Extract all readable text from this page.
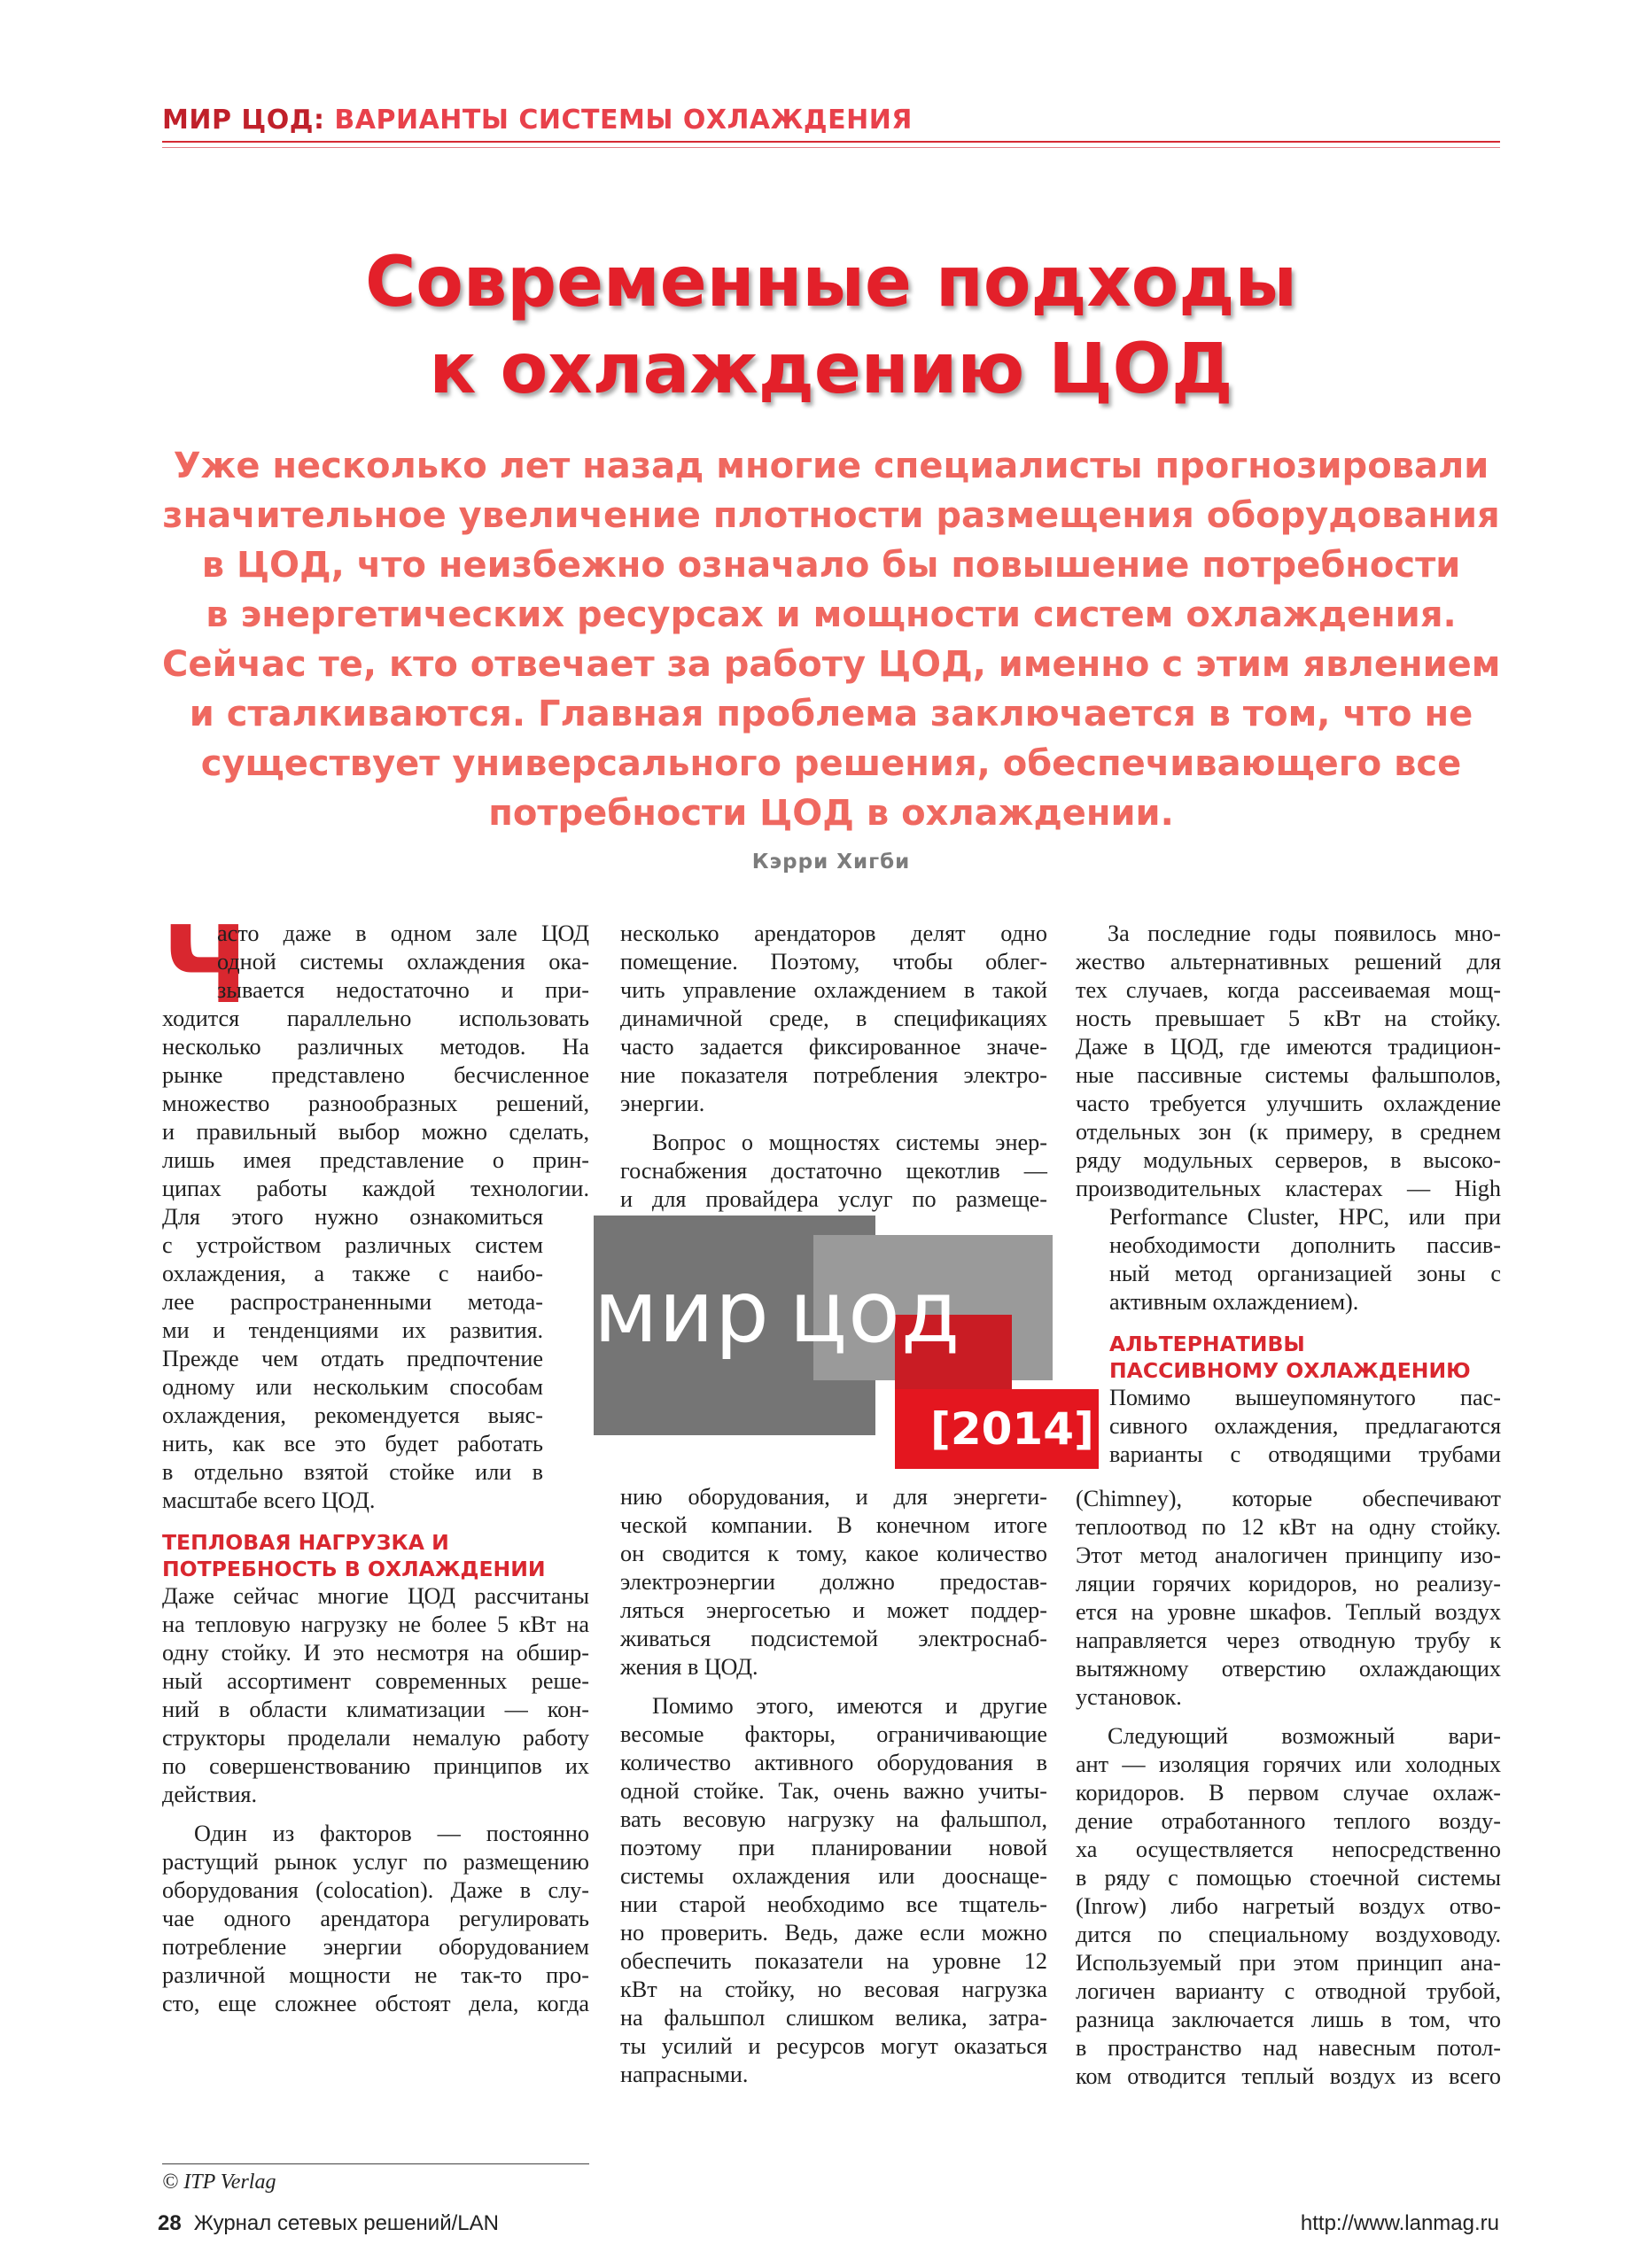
МИР ЦОД: ВАРИАНТЫ СИСТЕМЫ ОХЛАЖДЕНИЯ
Современные подходы
к охлаждению ЦОД
Уже несколько лет назад многие специалисты прогнозировали
значительное увеличение плотности размещения оборудования
в ЦОД, что неизбежно означало бы повышение потребности
в энергетических ресурсах и мощности систем охлаждения.
Сейчас те, кто отвечает за работу ЦОД, именно с этим явлением
и сталкиваются. Главная проблема заключается в том, что не
существует универсального решения, обеспечивающего все
потребности ЦОД в охлаждении.
Кэрри Хигби
Ч
асто даже в одном зале ЦОД
одной системы охлаждения ока-
зывается недостаточно и при-
ходится параллельно использовать
несколько различных методов. На
рынке представлено бесчисленное
множество разнообразных решений,
и правильный выбор можно сделать,
лишь имея представление о прин-
ципах работы каждой технологии.
Для этого нужно ознакомиться
с устройством различных систем
охлаждения, а также с наибо-
лее распространенными метода-
ми и тенденциями их развития.
Прежде чем отдать предпочтение
одному или нескольким способам
охлаждения, рекомендуется выяс-
нить, как все это будет работать
в отдельно взятой стойке или в
масштабе всего ЦОД.
ТЕПЛОВАЯ НАГРУЗКА И
ПОТРЕБНОСТЬ В ОХЛАЖДЕНИИ
Даже сейчас многие ЦОД рассчитаны
на тепловую нагрузку не более 5 кВт на
одну стойку. И это несмотря на обшир-
ный ассортимент современных реше-
ний в области климатизации — кон-
структоры проделали немалую работу
по совершенствованию принципов их
действия.
Один из факторов — постоянно
растущий рынок услуг по размещению
оборудования (colocation). Даже в слу-
чае одного арендатора регулировать
потребление энергии оборудованием
различной мощности не так-то про-
сто, еще сложнее обстоят дела, когда
несколько арендаторов делят одно
помещение. Поэтому, чтобы облег-
чить управление охлаждением в такой
динамичной среде, в спецификациях
часто задается фиксированное значе-
ние показателя потребления электро-
энергии.
Вопрос о мощностях системы энер-
госнабжения достаточно щекотлив —
и для провайдера услуг по размеще-
мир цод
[2014]
нию оборудования, и для энергети-
ческой компании. В конечном итоге
он сводится к тому, какое количество
электроэнергии должно предостав-
ляться энергосетью и может поддер-
живаться подсистемой электроснаб-
жения в ЦОД.
Помимо этого, имеются и другие
весомые факторы, ограничивающие
количество активного оборудования в
одной стойке. Так, очень важно учиты-
вать весовую нагрузку на фальшпол,
поэтому при планировании новой
системы охлаждения или дооснаще-
нии старой необходимо все тщатель-
но проверить. Ведь, даже если можно
обеспечить показатели на уровне 12
кВт на стойку, но весовая нагрузка
на фальшпол слишком велика, затра-
ты усилий и ресурсов могут оказаться
напрасными.
За последние годы появилось мно-
жество альтернативных решений для
тех случаев, когда рассеиваемая мощ-
ность превышает 5 кВт на стойку.
Даже в ЦОД, где имеются традицион-
ные пассивные системы фальшполов,
часто требуется улучшить охлаждение
отдельных зон (к примеру, в среднем
ряду модульных серверов, в высоко-
производительных кластерах — High
Performance Cluster, HPC, или при
необходимости дополнить пассив-
ный метод организацией зоны с
активным охлаждением).
АЛЬТЕРНАТИВЫ
ПАССИВНОМУ ОХЛАЖДЕНИЮ
Помимо вышеупомянутого пас-
сивного охлаждения, предлагаются
варианты с отводящими трубами
(Chimney), которые обеспечивают
теплоотвод по 12 кВт на одну стойку.
Этот метод аналогичен принципу изо-
ляции горячих коридоров, но реализу-
ется на уровне шкафов. Теплый воздух
направляется через отводную трубу к
вытяжному отверстию охлаждающих
установок.
Следующий возможный вари-
ант — изоляция горячих или холодных
коридоров. В первом случае охлаж-
дение отработанного теплого возду-
ха осуществляется непосредственно
в ряду с помощью стоечной системы
(Inrow) либо нагретый воздух отво-
дится по специальному воздуховоду.
Используемый при этом принцип ана-
логичен варианту с отводной трубой,
разница заключается лишь в том, что
в пространство над навесным потол-
ком отводится теплый воздух из всего
© ITP Verlag
28 Журнал сетевых решений/LAN	http://www.lanmag.ru
